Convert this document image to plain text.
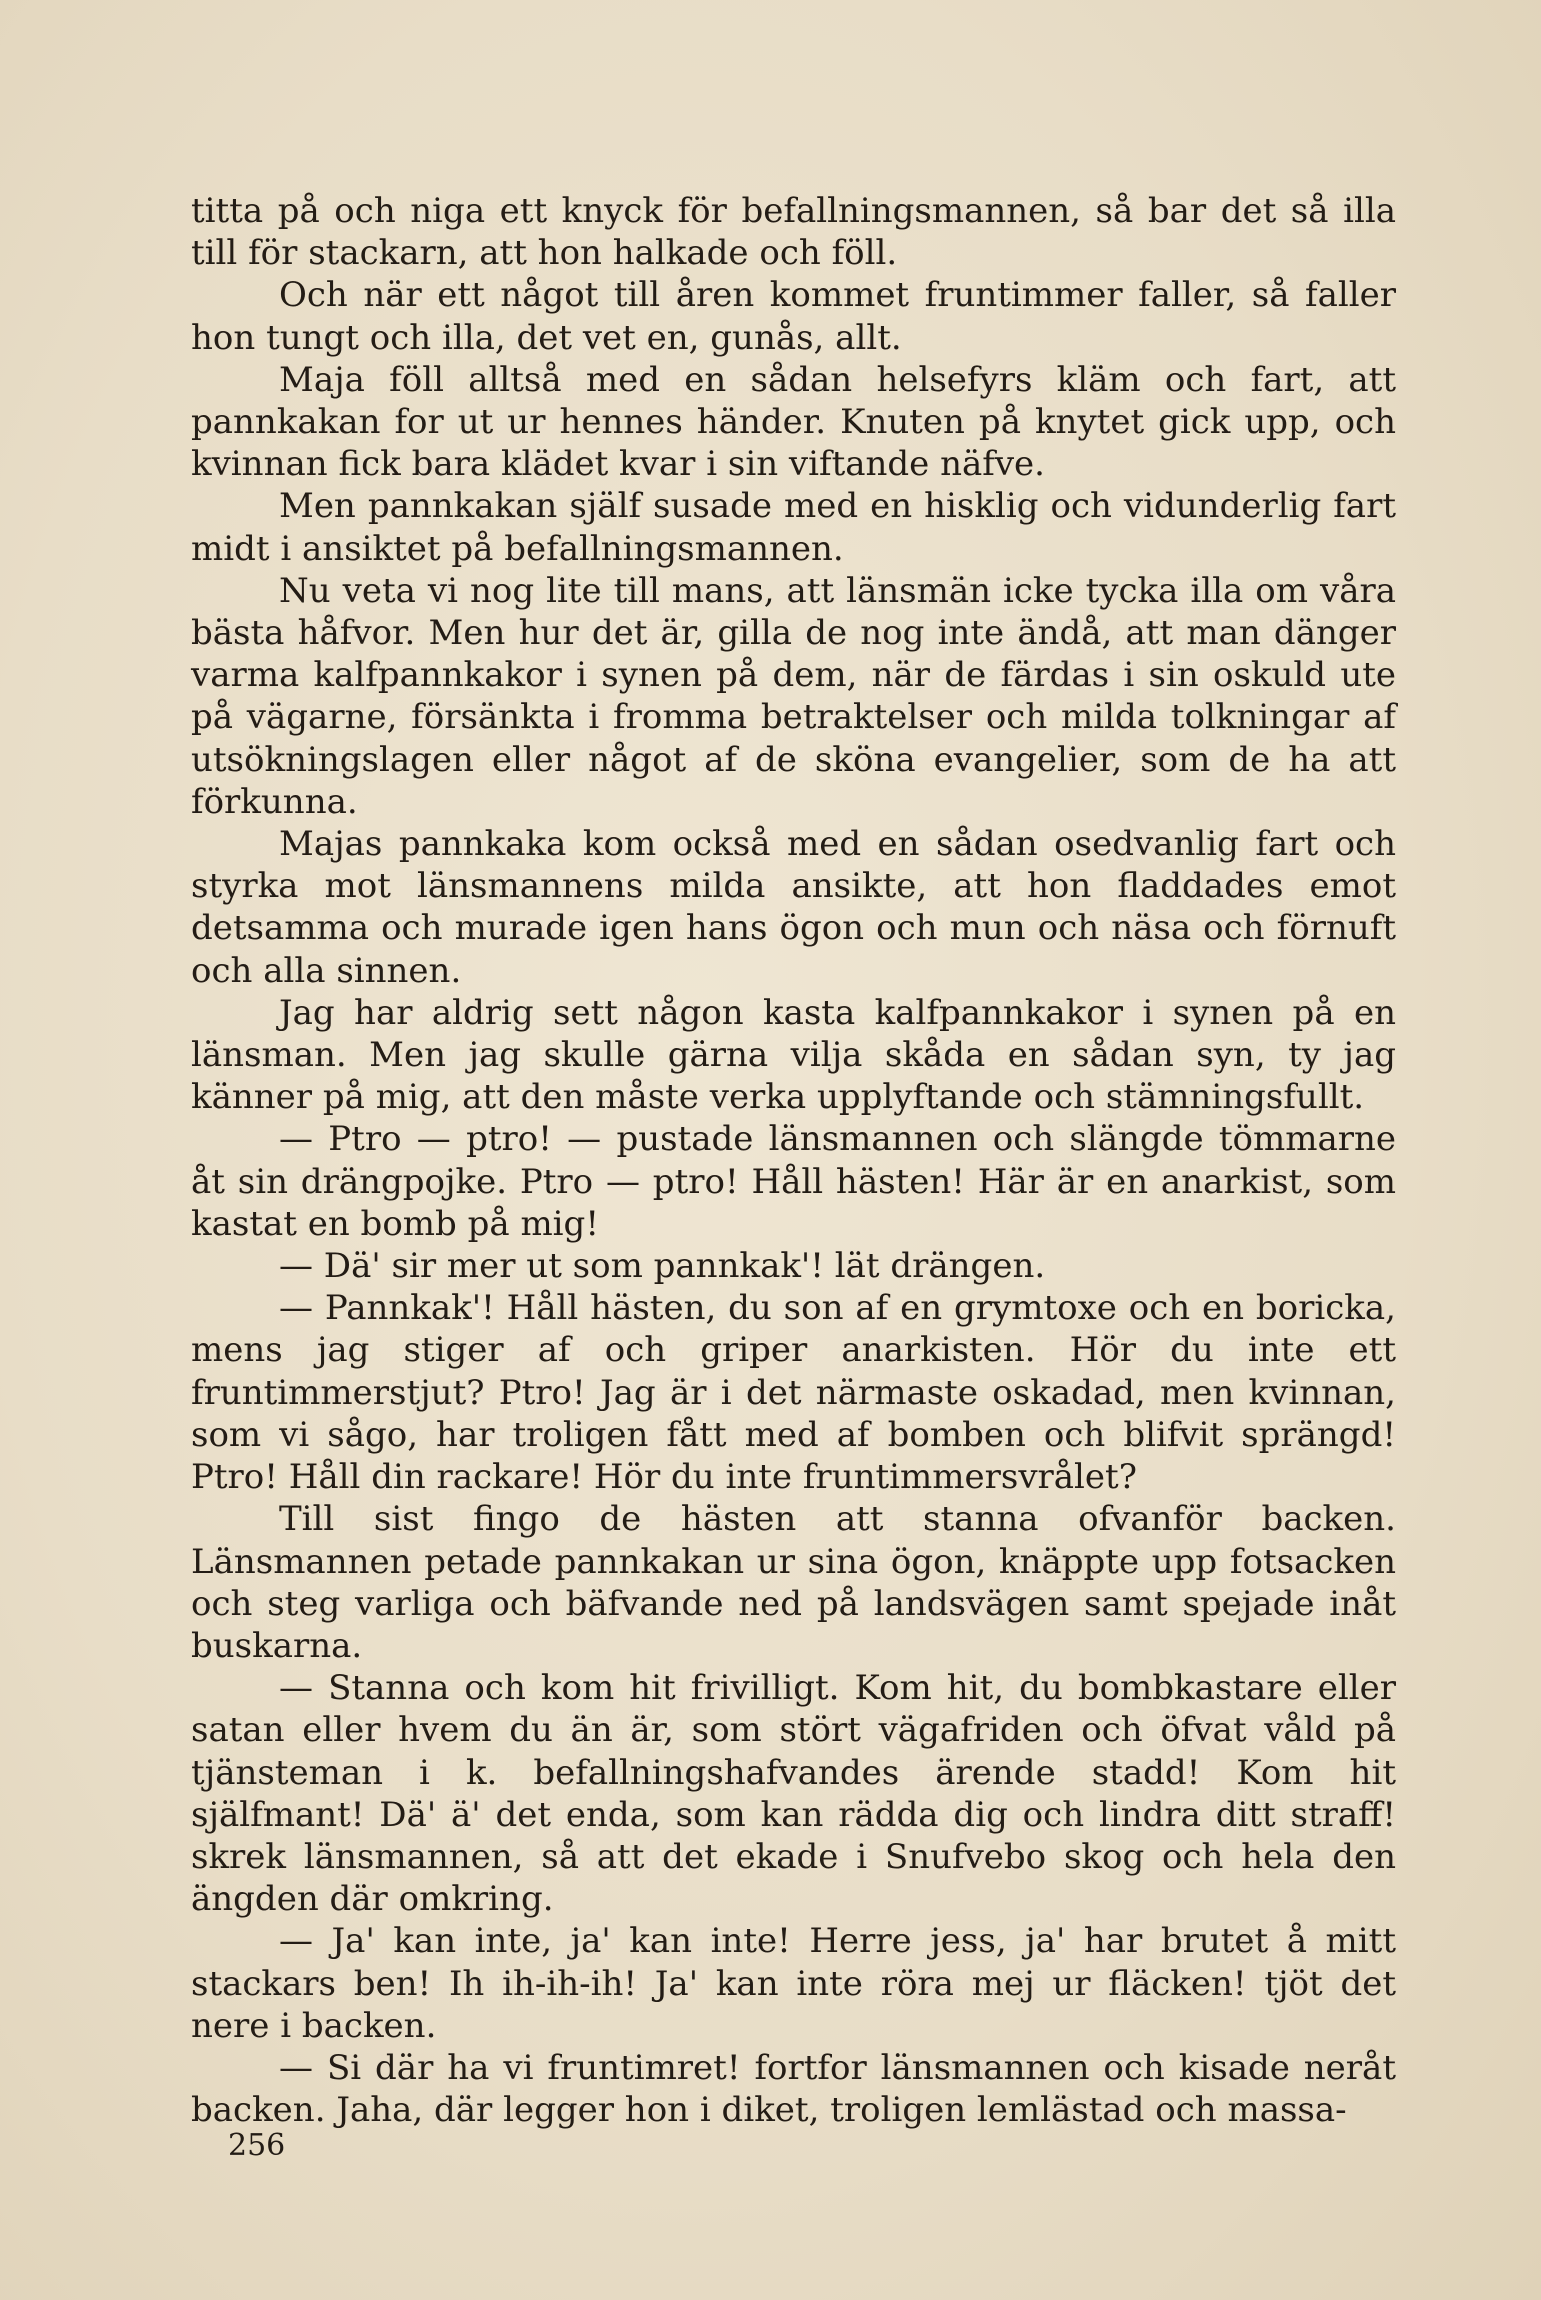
titta på och niga ett knyck för befallningsmannen, så bar det så illa till för stackarn, att hon halkade och föll.

Och när ett något till åren kommet fruntimmer faller, så faller hon tungt och illa, det vet en, gunås, allt.

Maja föll alltså med en sådan helsefyrs kläm och fart, att pannkakan for ut ur hennes händer. Knuten på knytet gick upp, och kvinnan fick bara klädet kvar i sin viftande näfve.

Men pannkakan själf susade med en hisklig och vidunderlig fart midt i ansiktet på befallningsmannen.

Nu veta vi nog lite till mans, att länsmän icke tycka illa om våra bästa håfvor. Men hur det är, gilla de nog inte ändå, att man dänger varma kalfpannkakor i synen på dem, när de färdas i sin oskuld ute på vägarne, försänkta i fromma betraktelser och milda tolkningar af utsökningslagen eller något af de sköna evangelier, som de ha att förkunna.

Majas pannkaka kom också med en sådan osedvanlig fart och styrka mot länsmannens milda ansikte, att hon fladdades emot detsamma och murade igen hans ögon och mun och näsa och förnuft och alla sinnen.

Jag har aldrig sett någon kasta kalfpannkakor i synen på en länsman. Men jag skulle gärna vilja skåda en sådan syn, ty jag känner på mig, att den måste verka upplyftande och stämningsfullt.

— Ptro — ptro! — pustade länsmannen och slängde tömmarne åt sin drängpojke. Ptro — ptro! Håll hästen! Här är en anarkist, som kastat en bomb på mig!

— Dä' sir mer ut som pannkak'! lät drängen.

— Pannkak'! Håll hästen, du son af en grymtoxe och en boricka, mens jag stiger af och griper anarkisten. Hör du inte ett fruntimmerstjut? Ptro! Jag är i det närmaste oskadad, men kvinnan, som vi sågo, har troligen fått med af bomben och blifvit sprängd! Ptro! Håll din rackare! Hör du inte fruntimmersvrålet?

Till sist fingo de hästen att stanna ofvanför backen. Länsmannen petade pannkakan ur sina ögon, knäppte upp fotsacken och steg varliga och bäfvande ned på landsvägen samt spejade inåt buskarna.

— Stanna och kom hit frivilligt. Kom hit, du bombkastare eller satan eller hvem du än är, som stört vägafriden och öfvat våld på tjänsteman i k. befallningshafvandes ärende stadd! Kom hit själfmant! Dä' ä' det enda, som kan rädda dig och lindra ditt straff! skrek länsmannen, så att det ekade i Snufvebo skog och hela den ängden där omkring.

— Ja' kan inte, ja' kan inte! Herre jess, ja' har brutet å mitt stackars ben! Ih ih-ih-ih! Ja' kan inte röra mej ur fläcken! tjöt det nere i backen.

— Si där ha vi fruntimret! fortfor länsmannen och kisade neråt backen. Jaha, där legger hon i diket, troligen lemlästad och massa-

256
